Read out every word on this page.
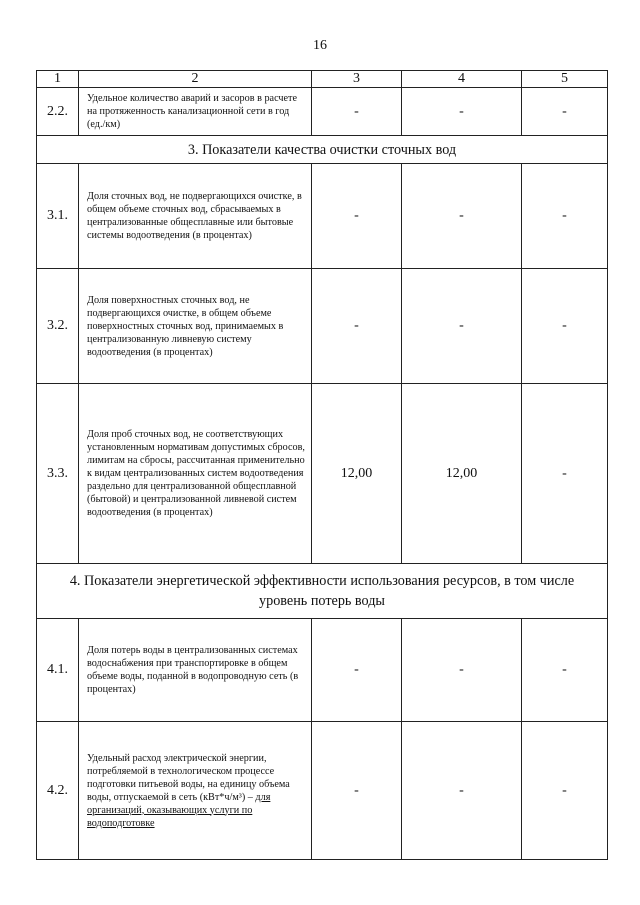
16
1	2	3	4	5
2.2.	Удельное количество аварий и засоров в расчете на протяженность канализационной сети в год (ед./км)	-	-	-
3. Показатели качества очистки сточных вод				
3.1.	Доля сточных вод, не подвергающихся очистке, в общем объеме сточных вод, сбрасываемых в централизованные общесплавные или бытовые системы водоотведения (в процентах)	-	-	-
3.2.	Доля поверхностных сточных вод, не подвергающихся очистке, в общем объеме поверхностных сточных вод, принимаемых в централизованную ливневую систему водоотведения (в процентах)	-	-	-
3.3.	Доля проб сточных вод, не соответствующих установленным нормативам допустимых сбросов, лимитам на сбросы, рассчитанная применительно к видам централизованных систем водоотведения раздельно для централизованной общесплавной (бытовой) и централизованной ливневой систем водоотведения (в процентах)	12,00	12,00	-
4. Показатели энергетической эффективности использования ресурсов, в том числе уровень потерь воды				
4.1.	Доля потерь воды в централизованных системах водоснабжения при транспортировке в общем объеме воды, поданной в водопроводную сеть (в процентах)	-	-	-
4.2.	Удельный расход электрической энергии, потребляемой в технологическом процессе подготовки питьевой воды, на единицу объема воды, отпускаемой в сеть (кВт*ч/м³) – для организаций, оказывающих услуги по водоподготовке	-	-	-
